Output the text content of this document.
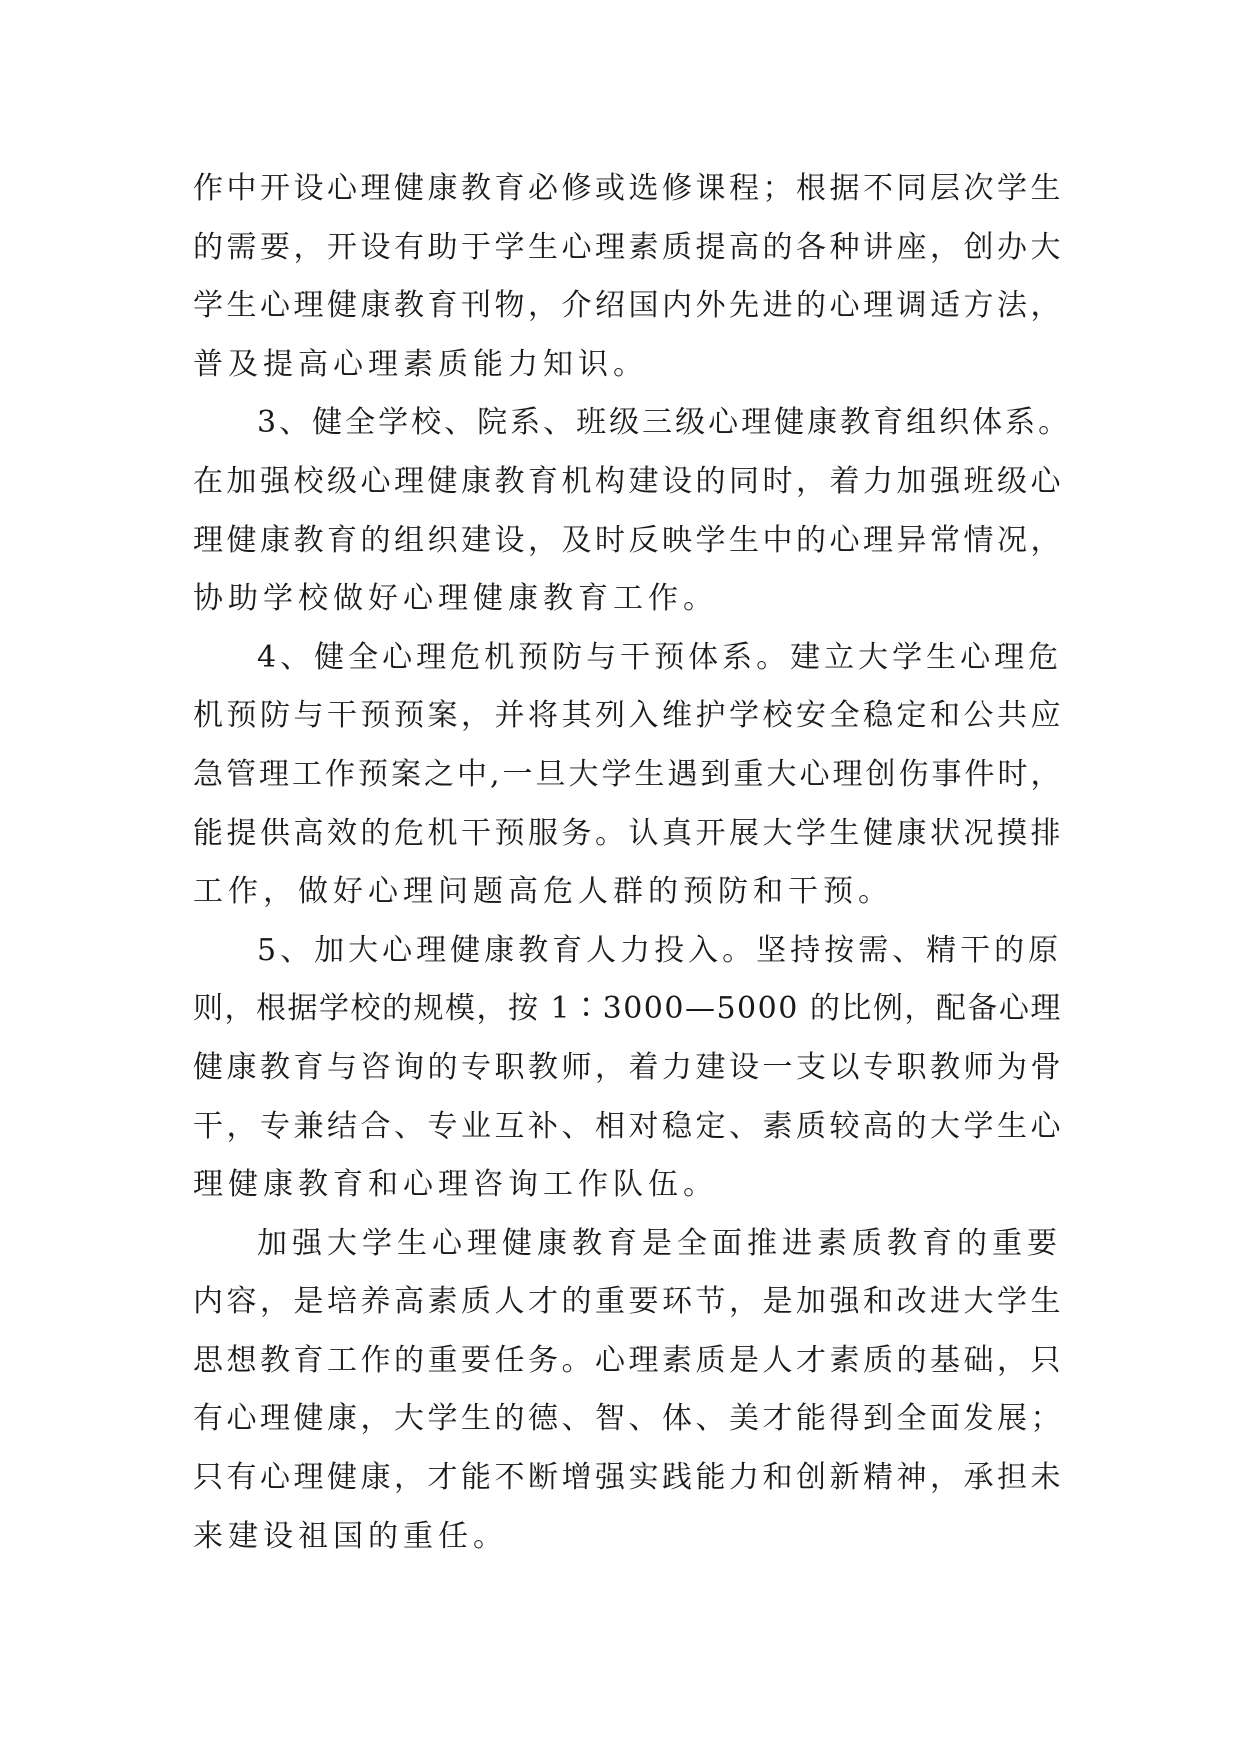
作中开设心理健康教育必修或选修课程；根据不同层次学生
的需要，开设有助于学生心理素质提高的各种讲座，创办大
学生心理健康教育刊物，介绍国内外先进的心理调适方法，
普及提高心理素质能力知识。
3、健全学校、院系、班级三级心理健康教育组织体系。
在加强校级心理健康教育机构建设的同时，着力加强班级心
理健康教育的组织建设，及时反映学生中的心理异常情况，
协助学校做好心理健康教育工作。
4、健全心理危机预防与干预体系。建立大学生心理危
机预防与干预预案，并将其列入维护学校安全稳定和公共应
急管理工作预案之中,一旦大学生遇到重大心理创伤事件时，
能提供高效的危机干预服务。认真开展大学生健康状况摸排
工作，做好心理问题高危人群的预防和干预。
5、加大心理健康教育人力投入。坚持按需、精干的原
则，根据学校的规模，按 1∶3000—5000 的比例，配备心理
健康教育与咨询的专职教师，着力建设一支以专职教师为骨
干，专兼结合、专业互补、相对稳定、素质较高的大学生心
理健康教育和心理咨询工作队伍。
加强大学生心理健康教育是全面推进素质教育的重要
内容，是培养高素质人才的重要环节，是加强和改进大学生
思想教育工作的重要任务。心理素质是人才素质的基础，只
有心理健康，大学生的德、智、体、美才能得到全面发展；
只有心理健康，才能不断增强实践能力和创新精神，承担未
来建设祖国的重任。
